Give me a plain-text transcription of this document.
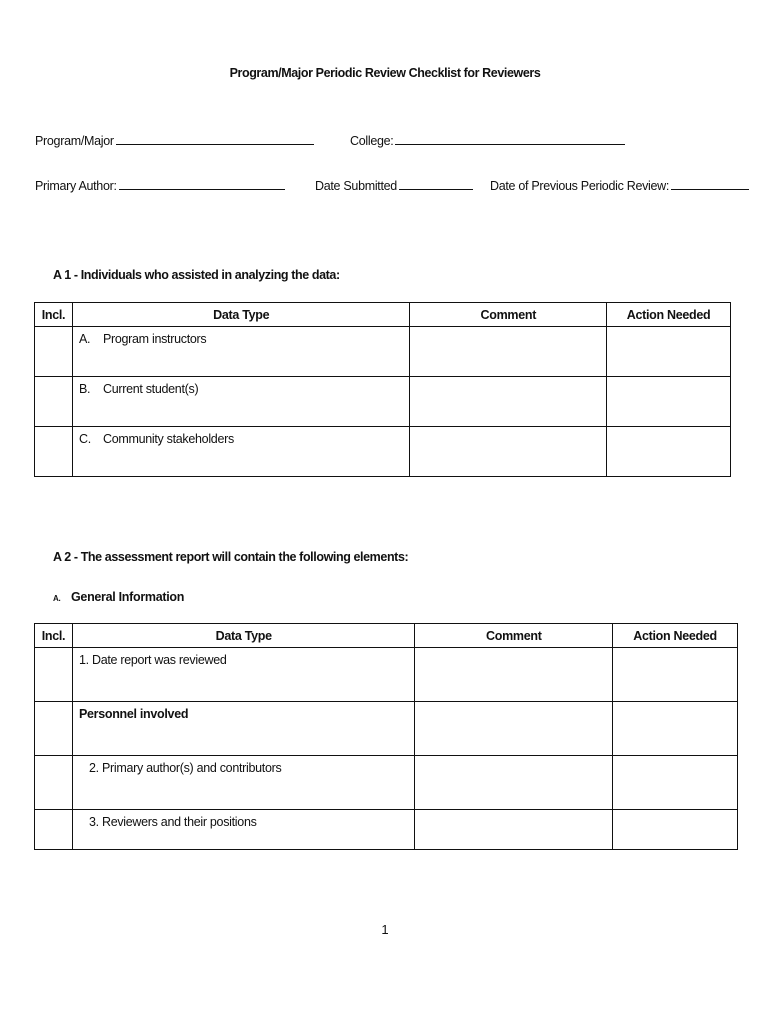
Program/Major Periodic Review Checklist for Reviewers
Program/Major	College:
Primary Author:	Date Submitted	Date of Previous Periodic Review:
A 1 - Individuals who assisted in analyzing the data:
Incl.	Data Type	Comment	Action Needed

	A. Program instructors		

	B. Current student(s)		

	C. Community stakeholders		

A 2 - The assessment report will contain the following elements:
A. General Information
Incl.	Data Type	Comment	Action Needed

	1. Date report was reviewed		

	Personnel involved		

	2. Primary author(s) and contributors		

	3. Reviewers and their positions		

1
